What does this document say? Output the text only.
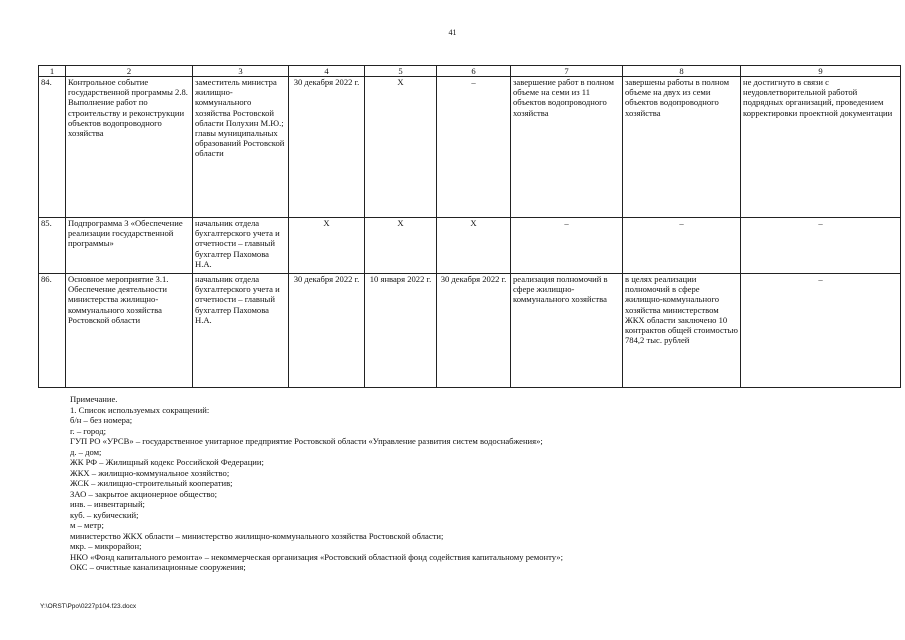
41
1	2	3	4	5	6	7	8	9
84.	Контрольное событие государственной программы 2.8. Выполнение работ по строительству и реконструкции объектов водопроводного хозяйства	заместитель министра жилищно-коммунального хозяйства Ростовской области Полухин М.Ю.; главы муниципальных образований Ростовской области	30 декабря 2022 г.	Х	–	завершение работ в полном объеме на семи из 11 объектов водопроводного хозяйства	завершены работы в полном объеме на двух из семи объектов водопроводного хозяйства	не достигнуто в связи с неудовлетворительной работой подрядных организаций, проведением корректировки проектной документации
85.	Подпрограмма 3 «Обеспечение реализации государственной программы»	начальник отдела бухгалтерского учета и отчетности – главный бухгалтер Пахомова Н.А.	Х	Х	Х	–	–	–
86.	Основное мероприятие 3.1. Обеспечение деятельности министерства жилищно-коммунального хозяйства Ростовской области	начальник отдела бухгалтерского учета и отчетности – главный бухгалтер Пахомова Н.А.	30 декабря 2022 г.	10 января 2022 г.	30 декабря 2022 г.	реализация полномочий в сфере жилищно-коммунального хозяйства	в целях реализации полномочий в сфере жилищно-коммунального хозяйства министерством ЖКХ области заключено 10 контрактов общей стоимостью 784,2 тыс. рублей	–
Примечание.
1. Список используемых сокращений:
б/н – без номера;
г. – город;
ГУП РО «УРСВ» – государственное унитарное предприятие Ростовской области «Управление развития систем водоснабжения»;
д. – дом;
ЖК РФ – Жилищный кодекс Российской Федерации;
ЖКХ – жилищно-коммунальное хозяйство;
ЖСК – жилищно-строительный кооператив;
ЗАО – закрытое акционерное общество;
инв. – инвентарный;
куб. – кубический;
м – метр;
министерство ЖКХ области – министерство жилищно-коммунального хозяйства Ростовской области;
мкр. – микрорайон;
НКО «Фонд капитального ремонта» – некоммерческая организация «Ростовский областной фонд содействия капитальному ремонту»;
ОКС – очистные канализационные сооружения;
Y:\ORST\Ppo\0227p104.f23.docx
